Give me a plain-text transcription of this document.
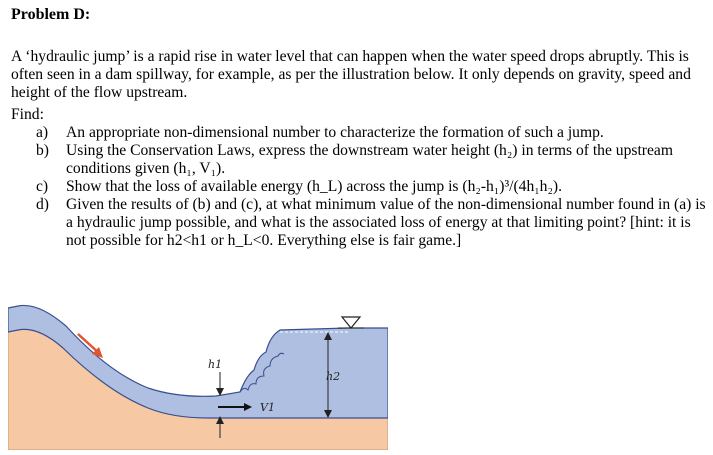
Problem D:
A ‘hydraulic jump’ is a rapid rise in water level that can happen when the water speed drops abruptly. This is often seen in a dam spillway, for example, as per the illustration below. It only depends on gravity, speed and height of the flow upstream.
Find:
a) An appropriate non-dimensional number to characterize the formation of such a jump.
b) Using the Conservation Laws, express the downstream water height (h₂) in terms of the upstream conditions given (h₁, V₁).
c) Show that the loss of available energy (h_L) across the jump is (h₂-h₁)³/(4h₁h₂).
d) Given the results of (b) and (c), at what minimum value of the non-dimensional number found in (a) is a hydraulic jump possible, and what is the associated loss of energy at that limiting point? [hint: it is not possible for h2<h1 or h_L<0. Everything else is fair game.]
h1
V1
h2
